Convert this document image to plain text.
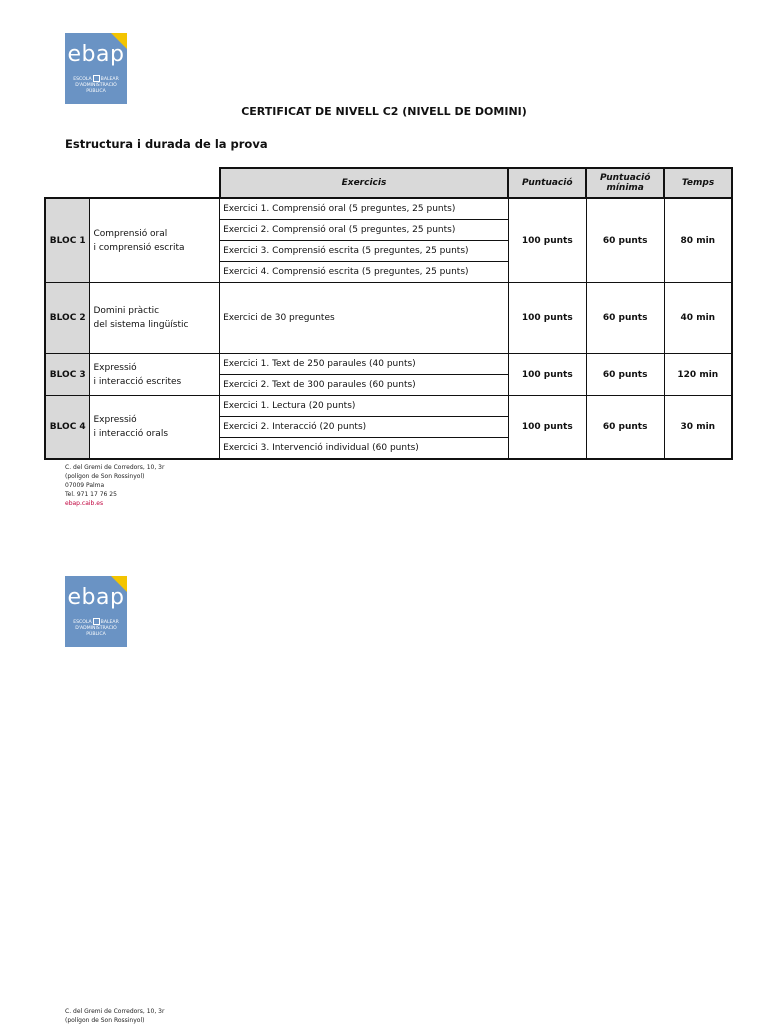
ebap
ESCOLA BALEAR
D'ADMINISTRACIÓ
PÚBLICA
CERTIFICAT DE NIVELL C2 (NIVELL DE DOMINI)
Estructura i durada de la prova
		Exercicis	Puntuació	Puntuació mínima	Temps
BLOC 1	Comprensió oral
i comprensió escrita	Exercici 1. Comprensió oral (5 preguntes, 25 punts)	100 punts	60 punts	80 min
		Exercici 2. Comprensió oral (5 preguntes, 25 punts)			
		Exercici 3. Comprensió escrita (5 preguntes, 25 punts)			
		Exercici 4. Comprensió escrita (5 preguntes, 25 punts)			
BLOC 2	Domini pràctic
del sistema lingüístic	Exercici de 30 preguntes	100 punts	60 punts	40 min
BLOC 3	Expressió
i interacció escrites	Exercici 1. Text de 250 paraules (40 punts)	100 punts	60 punts	120 min
		Exercici 2. Text de 300 paraules (60 punts)			
BLOC 4	Expressió
i interacció orals	Exercici 1. Lectura (20 punts)	100 punts	60 punts	30 min
		Exercici 2. Interacció (20 punts)			
		Exercici 3. Intervenció individual (60 punts)			
C. del Gremi de Corredors, 10, 3r
(polígon de Son Rossinyol)
07009 Palma
Tel. 971 17 76 25
ebap.caib.es
ebap
ESCOLA BALEAR
D'ADMINISTRACIÓ
PÚBLICA
C. del Gremi de Corredors, 10, 3r
(polígon de Son Rossinyol)
